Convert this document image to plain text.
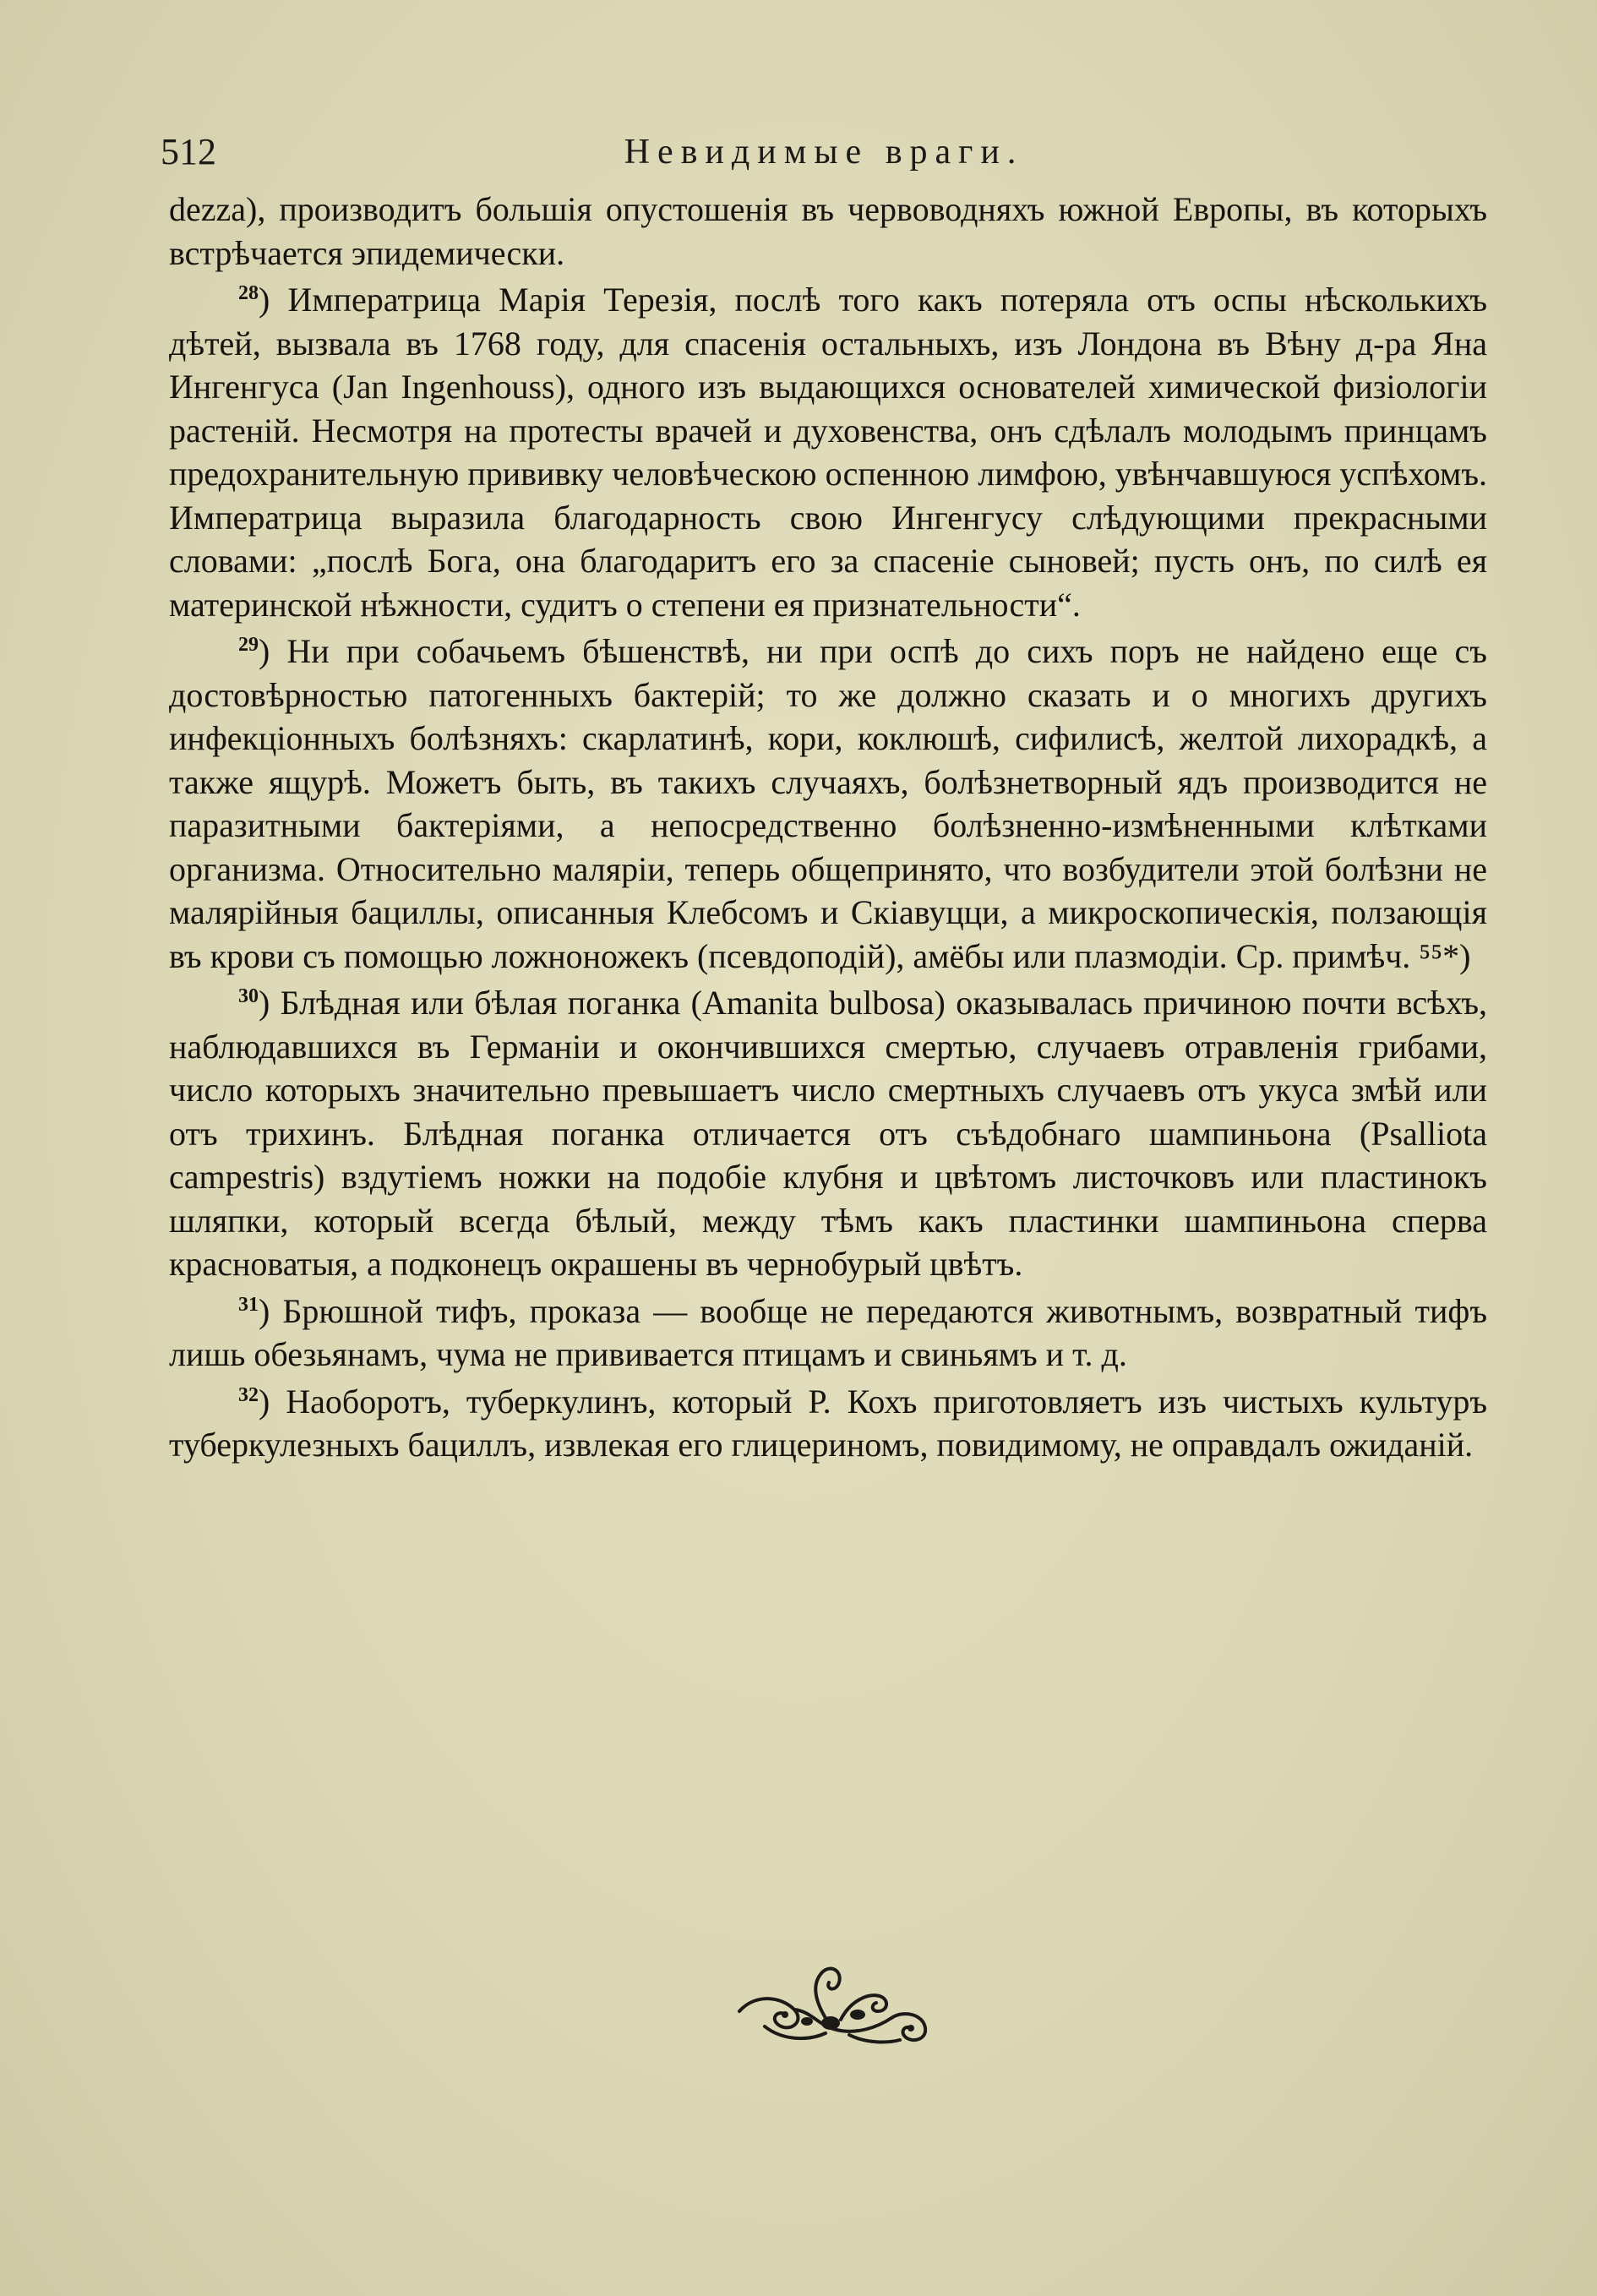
512	Невидимые враги.

dezza), производитъ большія опустошенія въ червоводняхъ южной Европы, въ которыхъ встрѣчается эпидемически.

$^{28}$) Императрица Марія Терезія, послѣ того какъ потеряла отъ оспы нѣсколькихъ дѣтей, вызвала въ 1768 году, для спасенія остальныхъ, изъ Лондона въ Вѣну д-ра Яна Ингенгуса (Jan Ingenhouss), одного изъ выдающихся основателей химической физіологіи растеній. Несмотря на протесты врачей и духовенства, онъ сдѣлалъ молодымъ принцамъ предохранительную прививку человѣческою оспенною лимфою, увѣнчавшуюся успѣхомъ. Императрица выразила благодарность свою Ингенгусу слѣдующими прекрасными словами: „послѣ Бога, она благодаритъ его за спасеніе сыновей; пусть онъ, по силѣ ея материнской нѣжности, судитъ о степени ея признательности“.

$^{29}$) Ни при собачьемъ бѣшенствѣ, ни при оспѣ до сихъ поръ не найдено еще съ достовѣрностью патогенныхъ бактерій; то же должно сказать и о многихъ другихъ инфекціонныхъ болѣзняхъ: скарлатинѣ, кори, коклюшѣ, сифилисѣ, желтой лихорадкѣ, а также ящурѣ. Можетъ быть, въ такихъ случаяхъ, болѣзнетворный ядъ производится не паразитными бактеріями, а непосредственно болѣзненно-измѣненными клѣтками организма. Относительно маляріи, теперь общепринято, что возбудители этой болѣзни не малярійныя бациллы, описанныя Клебсомъ и Скіавуцци, а микроскопическія, ползающія въ крови съ помощью ложноножекъ (псевдоподій), амёбы или плазмодіи. Ср. примѣч. ⁵⁵*)

$^{30}$) Блѣдная или бѣлая поганка (Amanita bulbosa) оказывалась причиною почти всѣхъ, наблюдавшихся въ Германіи и окончившихся смертью, случаевъ отравленія грибами, число которыхъ значительно превышаетъ число смертныхъ случаевъ отъ укуса змѣй или отъ трихинъ. Блѣдная поганка отличается отъ съѣдобнаго шампиньона (Psalliota campestris) вздутіемъ ножки на подобіе клубня и цвѣтомъ листочковъ или пластинокъ шляпки, который всегда бѣлый, между тѣмъ какъ пластинки шампиньона сперва красноватыя, а подконецъ окрашены въ чернобурый цвѣтъ.

$^{31}$) Брюшной тифъ, проказа — вообще не передаются животнымъ, возвратный тифъ лишь обезьянамъ, чума не прививается птицамъ и свиньямъ и т. д.

$^{32}$) Наоборотъ, туберкулинъ, который Р. Кохъ приготовляетъ изъ чистыхъ культуръ туберкулезныхъ бациллъ, извлекая его глицериномъ, повидимому, не оправдалъ ожиданій.
